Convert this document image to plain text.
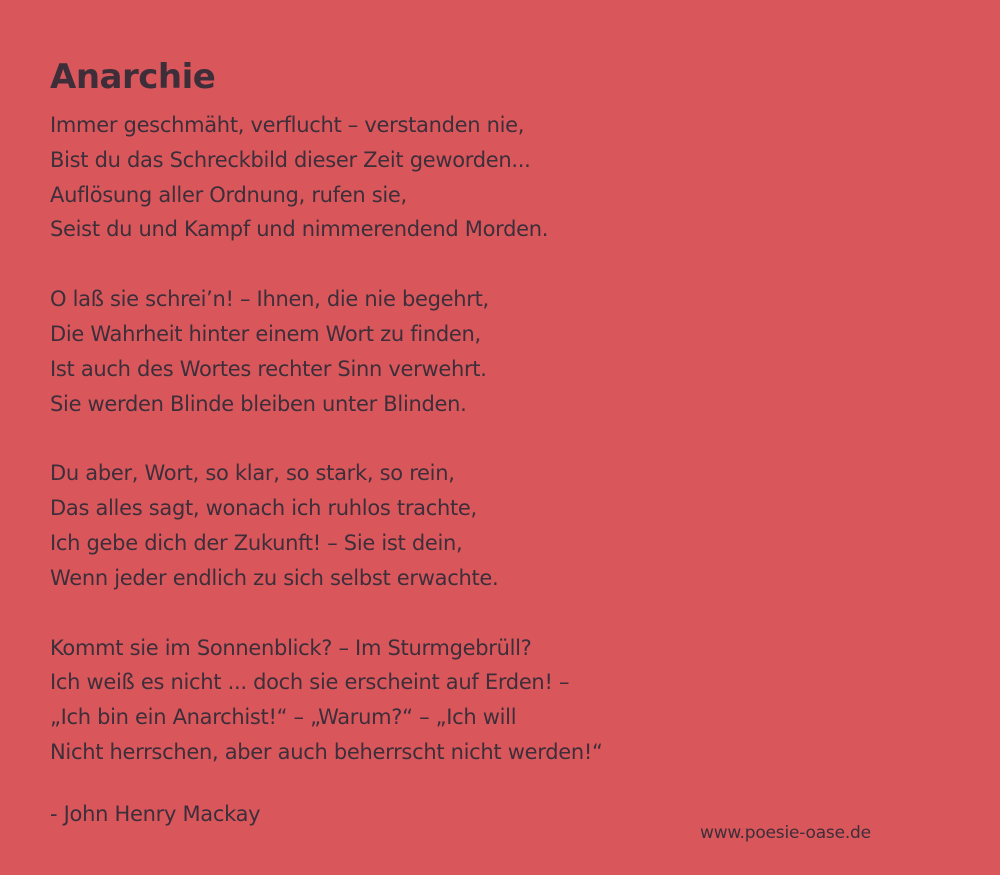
Anarchie
Immer geschmäht, verflucht – verstanden nie,
Bist du das Schreckbild dieser Zeit geworden...
Auflösung aller Ordnung, rufen sie,
Seist du und Kampf und nimmerendend Morden.
O laß sie schrei’n! – Ihnen, die nie begehrt,
Die Wahrheit hinter einem Wort zu finden,
Ist auch des Wortes rechter Sinn verwehrt.
Sie werden Blinde bleiben unter Blinden.
Du aber, Wort, so klar, so stark, so rein,
Das alles sagt, wonach ich ruhlos trachte,
Ich gebe dich der Zukunft! – Sie ist dein,
Wenn jeder endlich zu sich selbst erwachte.
Kommt sie im Sonnenblick? – Im Sturmgebrüll?
Ich weiß es nicht ... doch sie erscheint auf Erden! –
„Ich bin ein Anarchist!“ – „Warum?“ – „Ich will
Nicht herrschen, aber auch beherrscht nicht werden!“
- John Henry Mackay
www.poesie-oase.de
